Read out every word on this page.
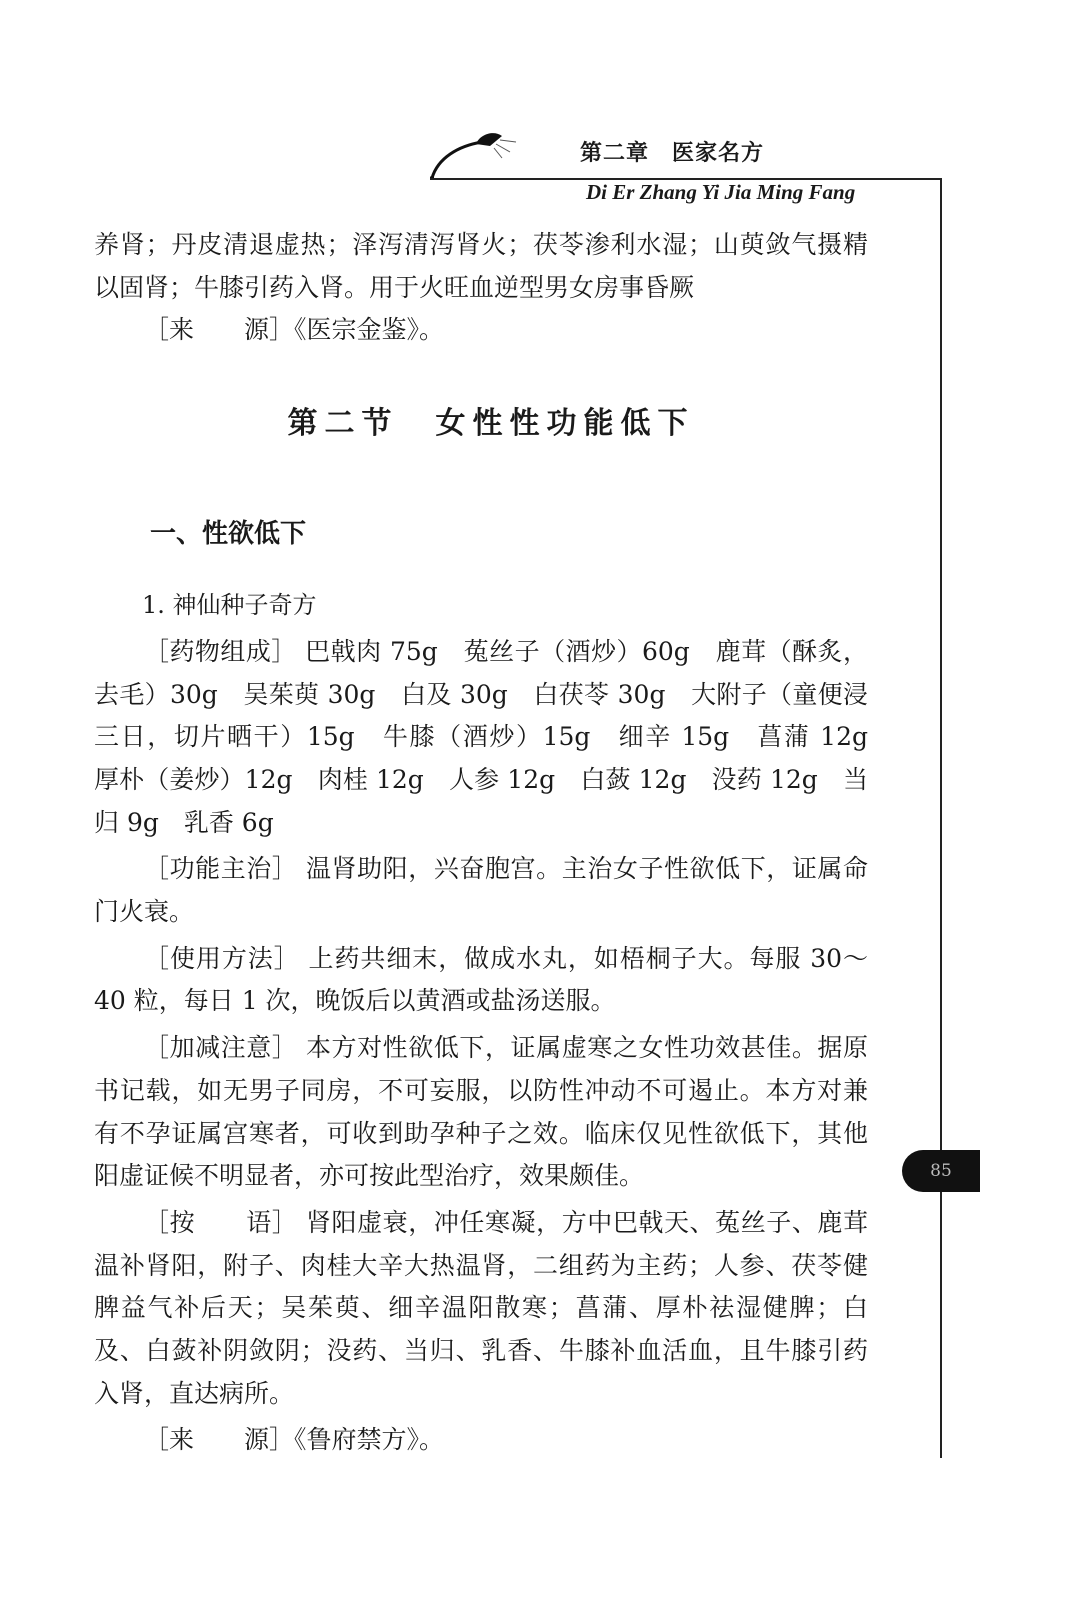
第二章　医家名方
Di Er Zhang Yi Jia Ming Fang
85

养肾；丹皮清退虚热；泽泻清泻肾火；茯苓渗利水湿；山萸敛气摄精以固肾；牛膝引药入肾。用于火旺血逆型男女房事昏厥

［来　　源］《医宗金鉴》。

第二节　女性性功能低下
一、性欲低下

1. 神仙种子奇方

［药物组成］ 巴戟肉 75g　菟丝子（酒炒）60g　鹿茸（酥炙，去毛）30g　吴茱萸 30g　白及 30g　白茯苓 30g　大附子（童便浸三日，切片晒干）15g　牛膝（酒炒）15g　细辛 15g　菖蒲 12g　厚朴（姜炒）12g　肉桂 12g　人参 12g　白蔹 12g　没药 12g　当归 9g　乳香 6g

［功能主治］ 温肾助阳，兴奋胞宫。主治女子性欲低下，证属命门火衰。

［使用方法］ 上药共细末，做成水丸，如梧桐子大。每服 30～40 粒，每日 1 次，晚饭后以黄酒或盐汤送服。

［加减注意］ 本方对性欲低下，证属虚寒之女性功效甚佳。据原书记载，如无男子同房，不可妄服，以防性冲动不可遏止。本方对兼有不孕证属宫寒者，可收到助孕种子之效。临床仅见性欲低下，其他阳虚证候不明显者，亦可按此型治疗，效果颇佳。

［按　　语］ 肾阳虚衰，冲任寒凝，方中巴戟天、菟丝子、鹿茸温补肾阳，附子、肉桂大辛大热温肾，二组药为主药；人参、茯苓健脾益气补后天；吴茱萸、细辛温阳散寒；菖蒲、厚朴祛湿健脾；白及、白蔹补阴敛阴；没药、当归、乳香、牛膝补血活血，且牛膝引药入肾，直达病所。

［来　　源］《鲁府禁方》。
